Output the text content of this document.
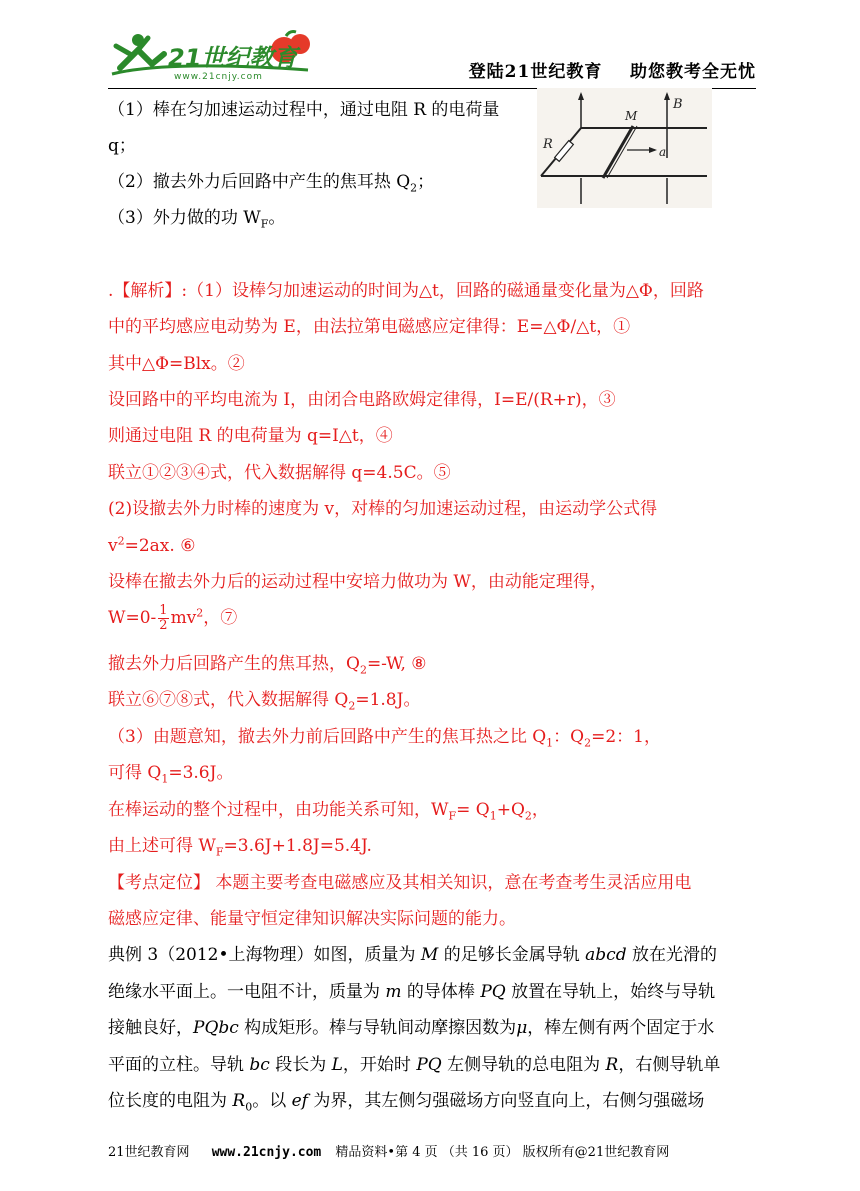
21世纪教育
www.21cnjy.com	登陆21世纪教育    助您教考全无忧
（1）棒在匀加速运动过程中，通过电阻 R 的电荷量
q；
（2）撤去外力后回路中产生的焦耳热 $Q_2$；
（3）外力做的功 $W_F$。
B
M
R	a
.【解析】:（1）设棒匀加速运动的时间为△t，回路的磁通量变化量为△Φ，回路
中的平均感应电动势为 E，由法拉第电磁感应定律得：E=△Φ/△t，①
其中△Φ=Blx。②
设回路中的平均电流为 I，由闭合电路欧姆定律得，I=E/(R+r)，③
则通过电阻 R 的电荷量为 q=I△t，④
联立①②③④式，代入数据解得 q=4.5C。⑤
(2)设撤去外力时棒的速度为 v，对棒的匀加速运动过程，由运动学公式得
$v^2=2ax$. ⑥
设棒在撤去外力后的运动过程中安培力做功为 W，由动能定理得，
$W=0- \frac{1}{2} mv^2$，⑦
撤去外力后回路产生的焦耳热，$Q_2=-W$, ⑧
联立⑥⑦⑧式，代入数据解得 $Q_2=1.8J$。
（3）由题意知，撤去外力前后回路中产生的焦耳热之比 $Q_1$：$Q_2=2$：1，
可得 $Q_1=3.6J$。
在棒运动的整个过程中，由功能关系可知，$W_F= Q_1+Q_2$，
由上述可得 $W_F=3.6J+1.8J=5.4J$.
【考点定位】 本题主要考查电磁感应及其相关知识，意在考查考生灵活应用电
磁感应定律、能量守恒定律知识解决实际问题的能力。
典例 3（2012•上海物理）如图，质量为 M 的足够长金属导轨 abcd 放在光滑的
绝缘水平面上。一电阻不计，质量为 m 的导体棒 PQ 放置在导轨上，始终与导轨
接触良好，PQbc 构成矩形。棒与导轨间动摩擦因数为μ，棒左侧有两个固定于水
平面的立柱。导轨 bc 段长为 L，开始时 PQ 左侧导轨的总电阻为 R，右侧导轨单
位长度的电阻为 $R_0$。以 ef 为界，其左侧匀强磁场方向竖直向上，右侧匀强磁场
21世纪教育网 www.21cnjy.com 精品资料•第 4 页 （共 16 页） 版权所有@21世纪教育网
